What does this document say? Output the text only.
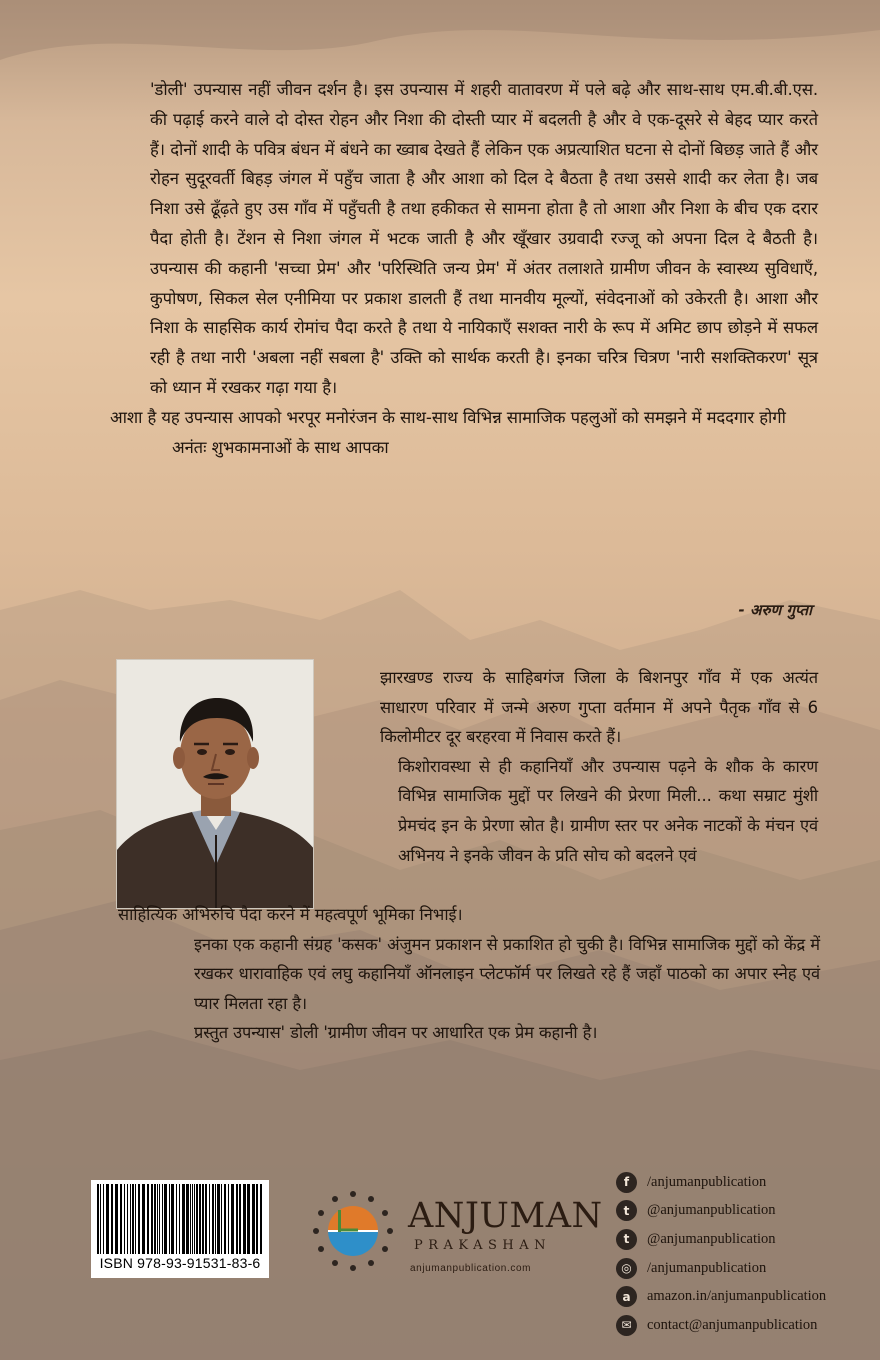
'डोली' उपन्यास नहीं जीवन दर्शन है। इस उपन्यास में शहरी वातावरण में पले बढ़े और साथ-साथ एम.बी.बी.एस. की पढ़ाई करने वाले दो दोस्त रोहन और निशा की दोस्ती प्यार में बदलती है और वे एक-दूसरे से बेहद प्यार करते हैं। दोनों शादी के पवित्र बंधन में बंधने का ख्वाब देखते हैं लेकिन एक अप्रत्याशित घटना से दोनों बिछड़ जाते हैं और रोहन सुदूरवर्ती बिहड़ जंगल में पहुँच जाता है और आशा को दिल दे बैठता है तथा उससे शादी कर लेता है। जब निशा उसे ढूँढ़ते हुए उस गाँव में पहुँचती है तथा हकीकत से सामना होता है तो आशा और निशा के बीच एक दरार पैदा होती है। टेंशन से निशा जंगल में भटक जाती है और खूँखार उग्रवादी रज्जू को अपना दिल दे बैठती है। उपन्यास की कहानी 'सच्चा प्रेम' और 'परिस्थिति जन्य प्रेम' में अंतर तलाशते ग्रामीण जीवन के स्वास्थ्य सुविधाएँ, कुपोषण, सिकल सेल एनीमिया पर प्रकाश डालती हैं तथा मानवीय मूल्यों, संवेदनाओं को उकेरती है। आशा और निशा के साहसिक कार्य रोमांच पैदा करते है तथा ये नायिकाएँ सशक्त नारी के रूप में अमिट छाप छोड़ने में सफल रही है तथा नारी 'अबला नहीं सबला है' उक्ति को सार्थक करती है। इनका चरित्र चित्रण 'नारी सशक्तिकरण' सूत्र को ध्यान में रखकर गढ़ा गया है।

आशा है यह उपन्यास आपको भरपूर मनोरंजन के साथ-साथ विभिन्न सामाजिक पहलुओं को समझने में मददगार होगी

अनंतः शुभकामनाओं के साथ आपका

- अरुण गुप्ता

झारखण्ड राज्य के साहिबगंज जिला के बिशनपुर गाँव में एक अत्यंत साधारण परिवार में जन्मे अरुण गुप्ता वर्तमान में अपने पैतृक गाँव से 6 किलोमीटर दूर बरहरवा में निवास करते हैं।

किशोरावस्था से ही कहानियाँ और उपन्यास पढ़ने के शौक के कारण विभिन्न सामाजिक मुद्दों पर लिखने की प्रेरणा मिली... कथा सम्राट मुंशी प्रेमचंद इन के प्रेरणा स्रोत है। ग्रामीण स्तर पर अनेक नाटकों के मंचन एवं अभिनय ने इनके जीवन के प्रति सोच को बदलने एवं

साहित्यिक अभिरुचि पैदा करने में महत्वपूर्ण भूमिका निभाई।

इनका एक कहानी संग्रह 'कसक' अंजुमन प्रकाशन से प्रकाशित हो चुकी है। विभिन्न सामाजिक मुद्दों को केंद्र में रखकर धारावाहिक एवं लघु कहानियाँ ऑनलाइन प्लेटफॉर्म पर लिखते रहे हैं जहाँ पाठको का अपार स्नेह एवं प्यार मिलता रहा है।

प्रस्तुत उपन्यास' डोली 'ग्रामीण जीवन पर आधारित एक प्रेम कहानी है।

ISBN 978-93-91531-83-6
ANJUMAN
PRAKASHAN
anjumanpublication.com
f	/anjumanpublication
t	@anjumanpublication
t	@anjumanpublication
◎	/anjumanpublication
a	amazon.in/anjumanpublication
✉	contact@anjumanpublication
